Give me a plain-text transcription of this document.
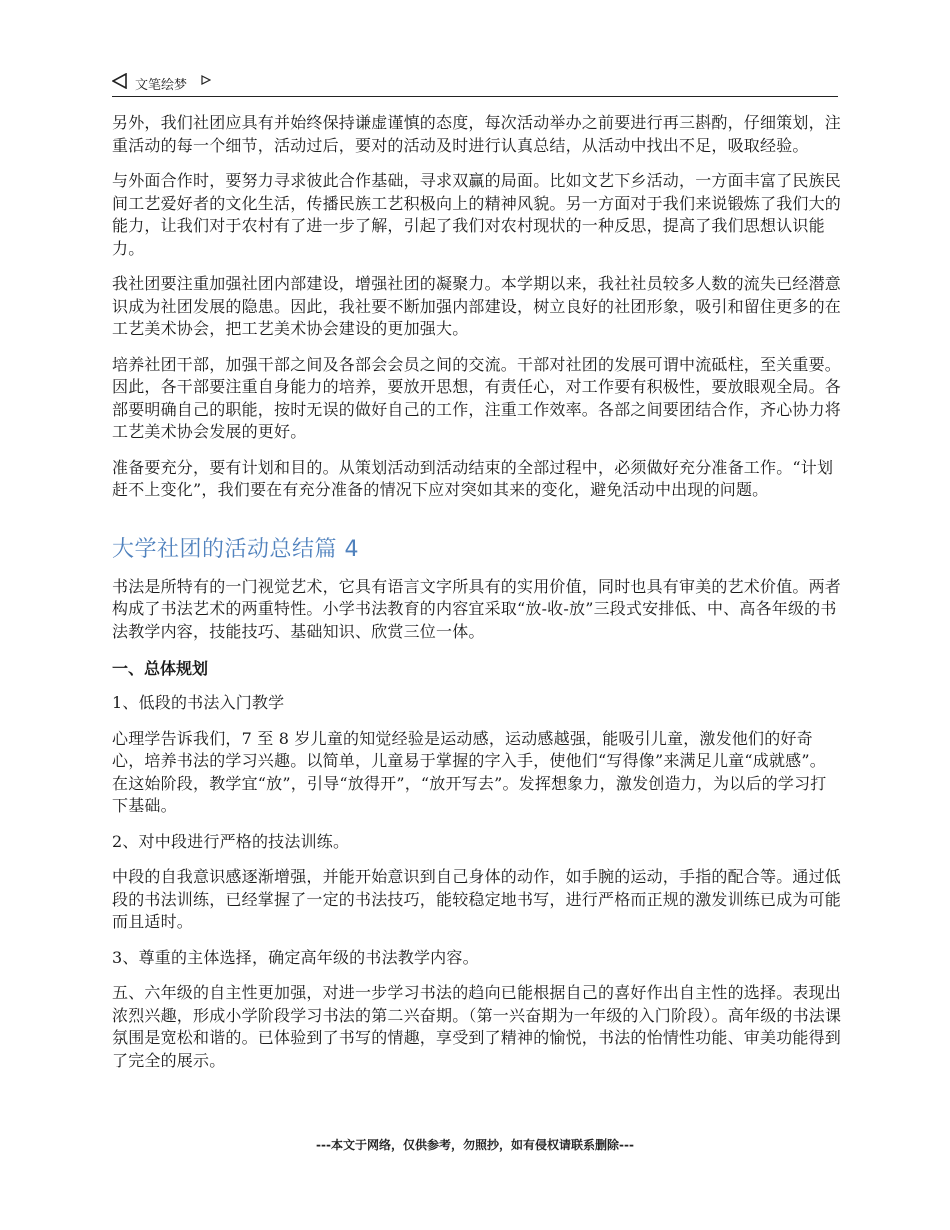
文笔绘梦

另外，我们社团应具有并始终保持谦虚谨慎的态度，每次活动举办之前要进行再三斟酌，仔细策划，注重活动的每一个细节，活动过后，要对的活动及时进行认真总结，从活动中找出不足，吸取经验。

与外面合作时，要努力寻求彼此合作基础，寻求双赢的局面。比如文艺下乡活动，一方面丰富了民族民间工艺爱好者的文化生活，传播民族工艺积极向上的精神风貌。另一方面对于我们来说锻炼了我们大的能力，让我们对于农村有了进一步了解，引起了我们对农村现状的一种反思，提高了我们思想认识能力。

我社团要注重加强社团内部建设，增强社团的凝聚力。本学期以来，我社社员较多人数的流失已经潜意识成为社团发展的隐患。因此，我社要不断加强内部建设，树立良好的社团形象，吸引和留住更多的在工艺美术协会，把工艺美术协会建设的更加强大。

培养社团干部，加强干部之间及各部会会员之间的交流。干部对社团的发展可谓中流砥柱，至关重要。因此，各干部要注重自身能力的培养，要放开思想，有责任心，对工作要有积极性，要放眼观全局。各部要明确自己的职能，按时无误的做好自己的工作，注重工作效率。各部之间要团结合作，齐心协力将工艺美术协会发展的更好。

准备要充分，要有计划和目的。从策划活动到活动结束的全部过程中，必须做好充分准备工作。“计划赶不上变化”，我们要在有充分准备的情况下应对突如其来的变化，避免活动中出现的问题。

大学社团的活动总结篇 4

书法是所特有的一门视觉艺术，它具有语言文字所具有的实用价值，同时也具有审美的艺术价值。两者构成了书法艺术的两重特性。小学书法教育的内容宜采取“放-收-放”三段式安排低、中、高各年级的书法教学内容，技能技巧、基础知识、欣赏三位一体。

一、总体规划

1、低段的书法入门教学

心理学告诉我们，7 至 8 岁儿童的知觉经验是运动感，运动感越强，能吸引儿童，激发他们的好奇心，培养书法的学习兴趣。以简单，儿童易于掌握的字入手，使他们“写得像”来满足儿童“成就感”。在这始阶段，教学宜“放”，引导“放得开”，“放开写去”。发挥想象力，激发创造力，为以后的学习打下基础。

2、对中段进行严格的技法训练。

中段的自我意识感逐渐增强，并能开始意识到自己身体的动作，如手腕的运动，手指的配合等。通过低段的书法训练，已经掌握了一定的书法技巧，能较稳定地书写，进行严格而正规的激发训练已成为可能而且适时。

3、尊重的主体选择，确定高年级的书法教学内容。

五、六年级的自主性更加强，对进一步学习书法的趋向已能根据自己的喜好作出自主性的选择。表现出浓烈兴趣，形成小学阶段学习书法的第二兴奋期。（第一兴奋期为一年级的入门阶段）。高年级的书法课氛围是宽松和谐的。已体验到了书写的情趣，享受到了精神的愉悦，书法的怡情性功能、审美功能得到了完全的展示。

---本文于网络，仅供参考，勿照抄，如有侵权请联系删除---
